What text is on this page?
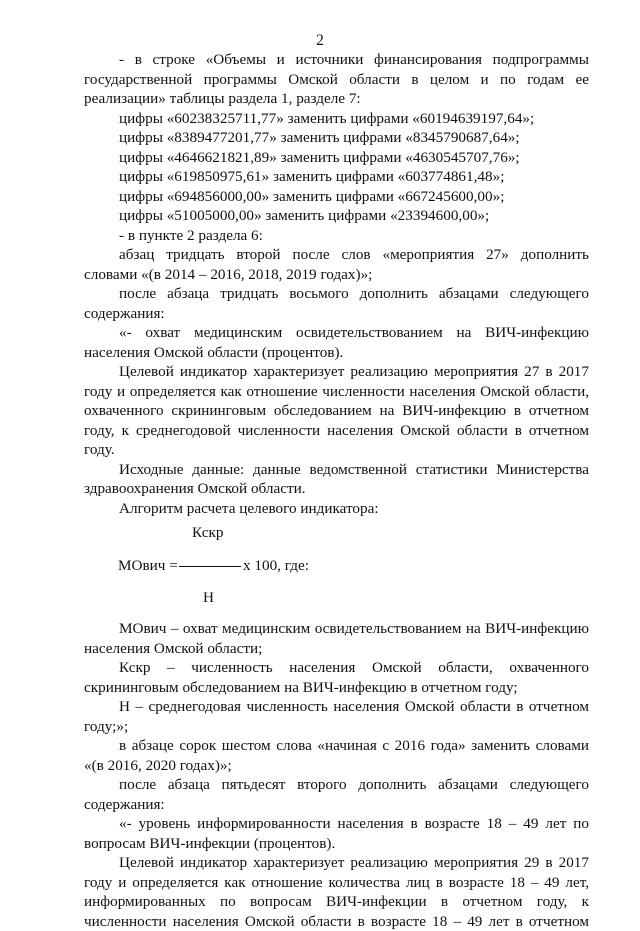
2

- в строке «Объемы и источники финансирования подпрограммы государственной программы Омской области в целом и по годам ее реализации» таблицы раздела 1, разделе 7:

цифры «60238325711,77» заменить цифрами «60194639197,64»;

цифры «8389477201,77» заменить цифрами «8345790687,64»;

цифры «4646621821,89» заменить цифрами «4630545707,76»;

цифры «619850975,61» заменить цифрами «603774861,48»;

цифры «694856000,00» заменить цифрами «667245600,00»;

цифры «51005000,00» заменить цифрами «23394600,00»;

- в пункте 2 раздела 6:

абзац тридцать второй после слов «мероприятия 27» дополнить словами «(в 2014 – 2016, 2018, 2019 годах)»;

после абзаца тридцать восьмого дополнить абзацами следующего содержания:

«- охват медицинским освидетельствованием на ВИЧ-инфекцию населения Омской области (процентов).

Целевой индикатор характеризует реализацию мероприятия 27 в 2017 году и определяется как отношение численности населения Омской области, охваченного скрининговым обследованием на ВИЧ-инфекцию в отчетном году, к среднегодовой численности населения Омской области в отчетном году.

Исходные данные: данные ведомственной статистики Министерства здравоохранения Омской области.

Алгоритм расчета целевого индикатора:

Кскр
МОвич =	х 100, где:
Н

МОвич – охват медицинским освидетельствованием на ВИЧ-инфекцию населения Омской области;

Кскр – численность населения Омской области, охваченного скрининговым обследованием на ВИЧ-инфекцию в отчетном году;

Н – среднегодовая численность населения Омской области в отчетном году;»;

в абзаце сорок шестом слова «начиная с 2016 года» заменить словами «(в 2016, 2020 годах)»;

после абзаца пятьдесят второго дополнить абзацами следующего содержания:

«- уровень информированности населения в возрасте 18 – 49 лет по вопросам ВИЧ-инфекции (процентов).

Целевой индикатор характеризует реализацию мероприятия 29 в 2017 году и определяется как отношение количества лиц в возрасте 18 – 49 лет, информированных по вопросам ВИЧ-инфекции в отчетном году, к численности населения Омской области в возрасте 18 – 49 лет в отчетном
